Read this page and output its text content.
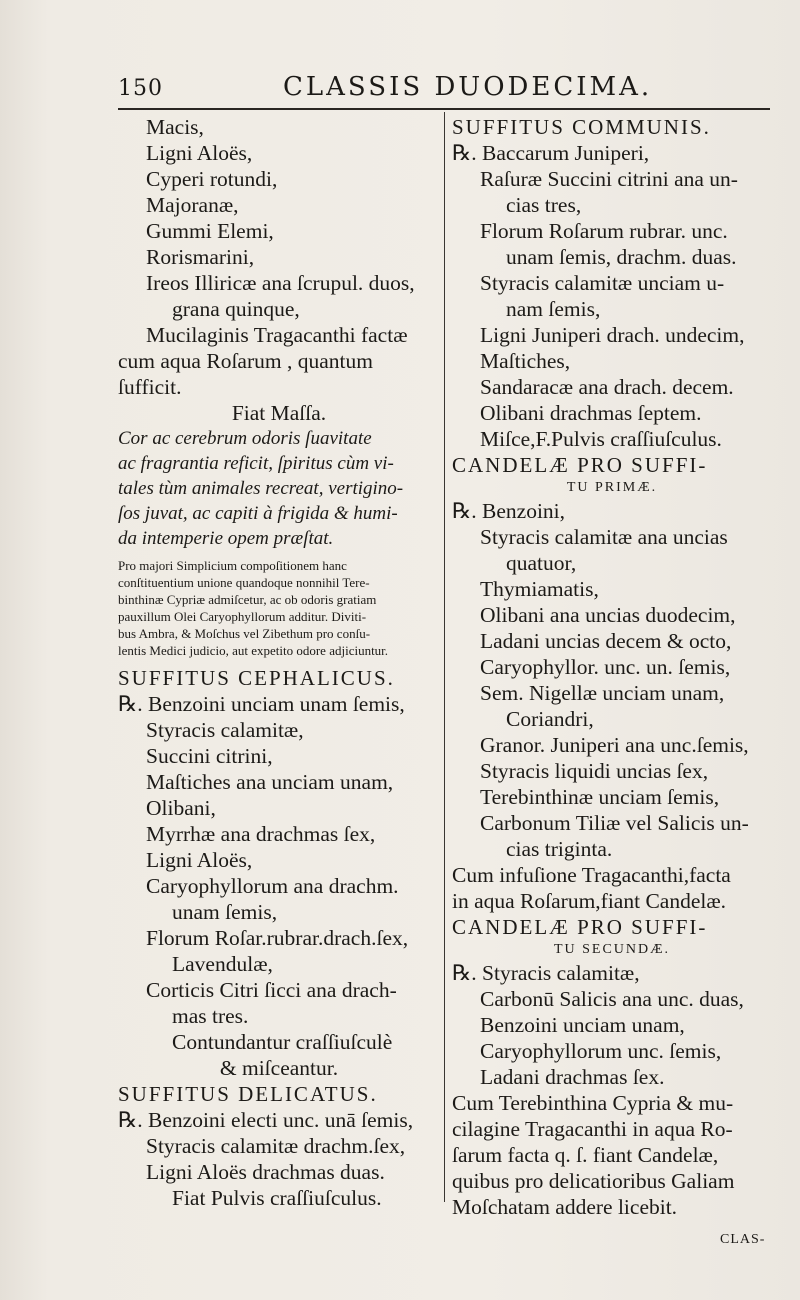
150	CLASSIS DUODECIMA.
Macis,
Ligni Aloës,
Cyperi rotundi,
Majoranæ,
Gummi Elemi,
Rorismarini,
Ireos Illiricæ ana ſcrupul. duos,
grana quinque,
Mucilaginis Tragacanthi factæ
cum aqua Roſarum , quantum
ſufficit.
Fiat Maſſa.
Cor ac cerebrum odoris ſuavitate
ac fragrantia reficit, ſpiritus cùm vi-
tales tùm animales recreat, vertigino-
ſos juvat, ac capiti à frigida & humi-
da intemperie opem præſtat.
Pro majori Simplicium compoſitionem hanc
conſtituentium unione quandoque nonnihil Tere-
binthinæ Cypriæ admiſcetur, ac ob odoris gratiam
pauxillum Olei Caryophyllorum additur. Diviti-
bus Ambra, & Moſchus vel Zibethum pro conſu-
lentis Medici judicio, aut expetito odore adjiciuntur.
SUFFITUS CEPHALICUS.
℞. Benzoini unciam unam ſemis,
Styracis calamitæ,
Succini citrini,
Maſtiches ana unciam unam,
Olibani,
Myrrhæ ana drachmas ſex,
Ligni Aloës,
Caryophyllorum ana drachm.
unam ſemis,
Florum Roſar.rubrar.drach.ſex,
Lavendulæ,
Corticis Citri ſicci ana drach-
mas tres.
Contundantur craſſiuſculè
& miſceantur.
SUFFITUS DELICATUS.
℞. Benzoini electi unc. unā ſemis,
Styracis calamitæ drachm.ſex,
Ligni Aloës drachmas duas.
Fiat Pulvis craſſiuſculus.
SUFFITUS COMMUNIS.
℞. Baccarum Juniperi,
Raſuræ Succini citrini ana un-
cias tres,
Florum Roſarum rubrar. unc.
unam ſemis, drachm. duas.
Styracis calamitæ unciam u-
nam ſemis,
Ligni Juniperi drach. undecim,
Maſtiches,
Sandaracæ ana drach. decem.
Olibani drachmas ſeptem.
Miſce,F.Pulvis craſſiuſculus.
CANDELÆ PRO SUFFI-
TU PRIMÆ.
℞. Benzoini,
Styracis calamitæ ana uncias
quatuor,
Thymiamatis,
Olibani ana uncias duodecim,
Ladani uncias decem & octo,
Caryophyllor. unc. un. ſemis,
Sem. Nigellæ unciam unam,
Coriandri,
Granor. Juniperi ana unc.ſemis,
Styracis liquidi uncias ſex,
Terebinthinæ unciam ſemis,
Carbonum Tiliæ vel Salicis un-
cias triginta.
Cum infuſione Tragacanthi,facta
in aqua Roſarum,fiant Candelæ.
CANDELÆ PRO SUFFI-
TU SECUNDÆ.
℞. Styracis calamitæ,
Carbonū Salicis ana unc. duas,
Benzoini unciam unam,
Caryophyllorum unc. ſemis,
Ladani drachmas ſex.
Cum Terebinthina Cypria & mu-
cilagine Tragacanthi in aqua Ro-
ſarum facta q. ſ. fiant Candelæ,
quibus pro delicatioribus Galiam
Moſchatam addere licebit.
CLAS-
